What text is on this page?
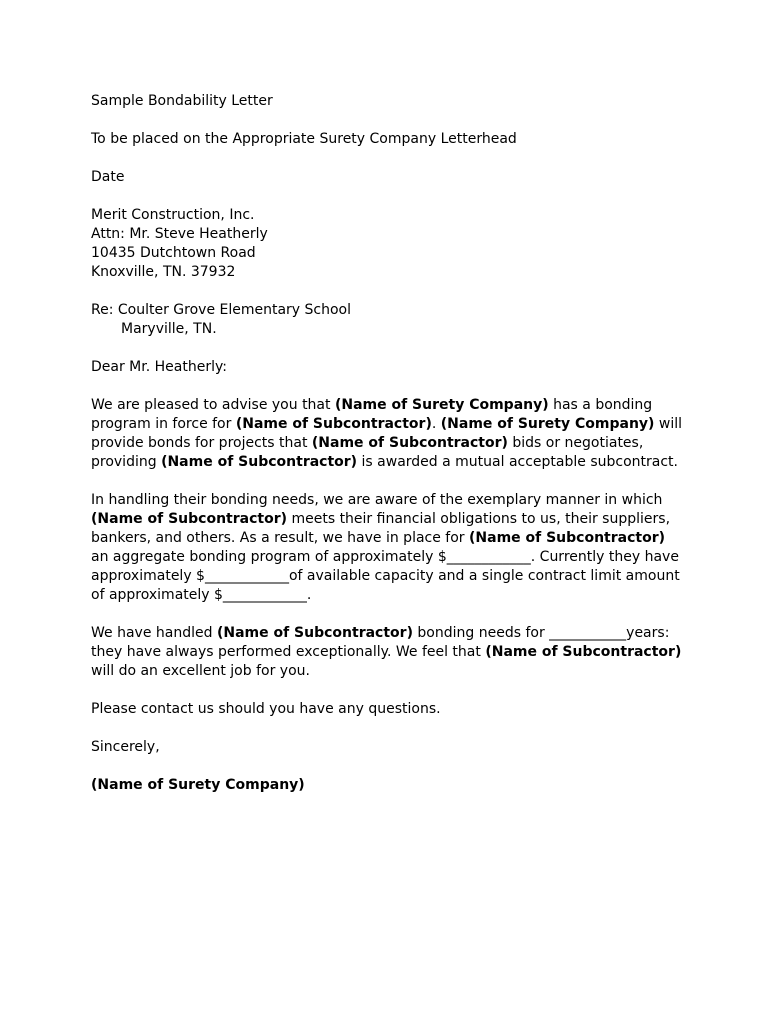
Sample Bondability Letter
To be placed on the Appropriate Surety Company Letterhead
Date
Merit Construction, Inc.
Attn: Mr. Steve Heatherly
10435 Dutchtown Road
Knoxville, TN. 37932
Re: Coulter Grove Elementary School
Maryville, TN.
Dear Mr. Heatherly:
We are pleased to advise you that (Name of Surety Company) has a bonding
program in force for (Name of Subcontractor). (Name of Surety Company) will
provide bonds for projects that (Name of Subcontractor) bids or negotiates,
providing (Name of Subcontractor) is awarded a mutual acceptable subcontract.
In handling their bonding needs, we are aware of the exemplary manner in which
(Name of Subcontractor) meets their financial obligations to us, their suppliers,
bankers, and others. As a result, we have in place for (Name of Subcontractor)
an aggregate bonding program of approximately $____________. Currently they have
approximately $____________of available capacity and a single contract limit amount
of approximately $____________.
We have handled (Name of Subcontractor) bonding needs for ___________years:
they have always performed exceptionally. We feel that (Name of Subcontractor)
will do an excellent job for you.
Please contact us should you have any questions.
Sincerely,
(Name of Surety Company)
